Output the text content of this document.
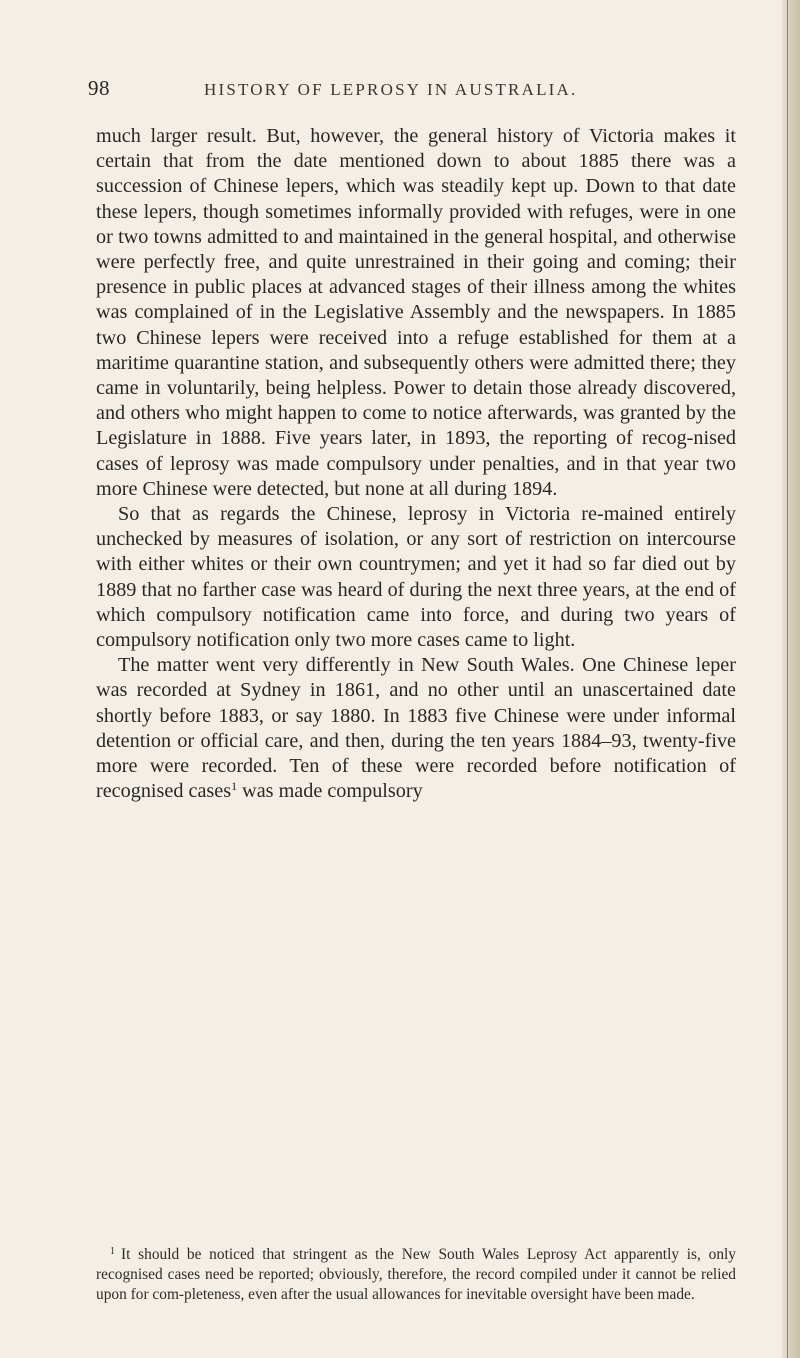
98	HISTORY OF LEPROSY IN AUSTRALIA.

much larger result. But, however, the general history of Victoria makes it certain that from the date mentioned down to about 1885 there was a succession of Chinese lepers, which was steadily kept up. Down to that date these lepers, though sometimes informally provided with refuges, were in one or two towns admitted to and maintained in the general hospital, and otherwise were perfectly free, and quite unrestrained in their going and coming; their presence in public places at advanced stages of their illness among the whites was complained of in the Legislative Assembly and the newspapers. In 1885 two Chinese lepers were received into a refuge established for them at a maritime quarantine station, and subsequently others were admitted there; they came in voluntarily, being helpless. Power to detain those already discovered, and others who might happen to come to notice afterwards, was granted by the Legislature in 1888. Five years later, in 1893, the reporting of recog-nised cases of leprosy was made compulsory under penalties, and in that year two more Chinese were detected, but none at all during 1894.

So that as regards the Chinese, leprosy in Victoria re-mained entirely unchecked by measures of isolation, or any sort of restriction on intercourse with either whites or their own countrymen; and yet it had so far died out by 1889 that no farther case was heard of during the next three years, at the end of which compulsory notification came into force, and during two years of compulsory notification only two more cases came to light.

The matter went very differently in New South Wales. One Chinese leper was recorded at Sydney in 1861, and no other until an unascertained date shortly before 1883, or say 1880. In 1883 five Chinese were under informal detention or official care, and then, during the ten years 1884–93, twenty-five more were recorded. Ten of these were recorded before notification of recognised cases$^1$ was made compulsory

$^1$ It should be noticed that stringent as the New South Wales Leprosy Act apparently is, only recognised cases need be reported; obviously, therefore, the record compiled under it cannot be relied upon for com-pleteness, even after the usual allowances for inevitable oversight have been made.
